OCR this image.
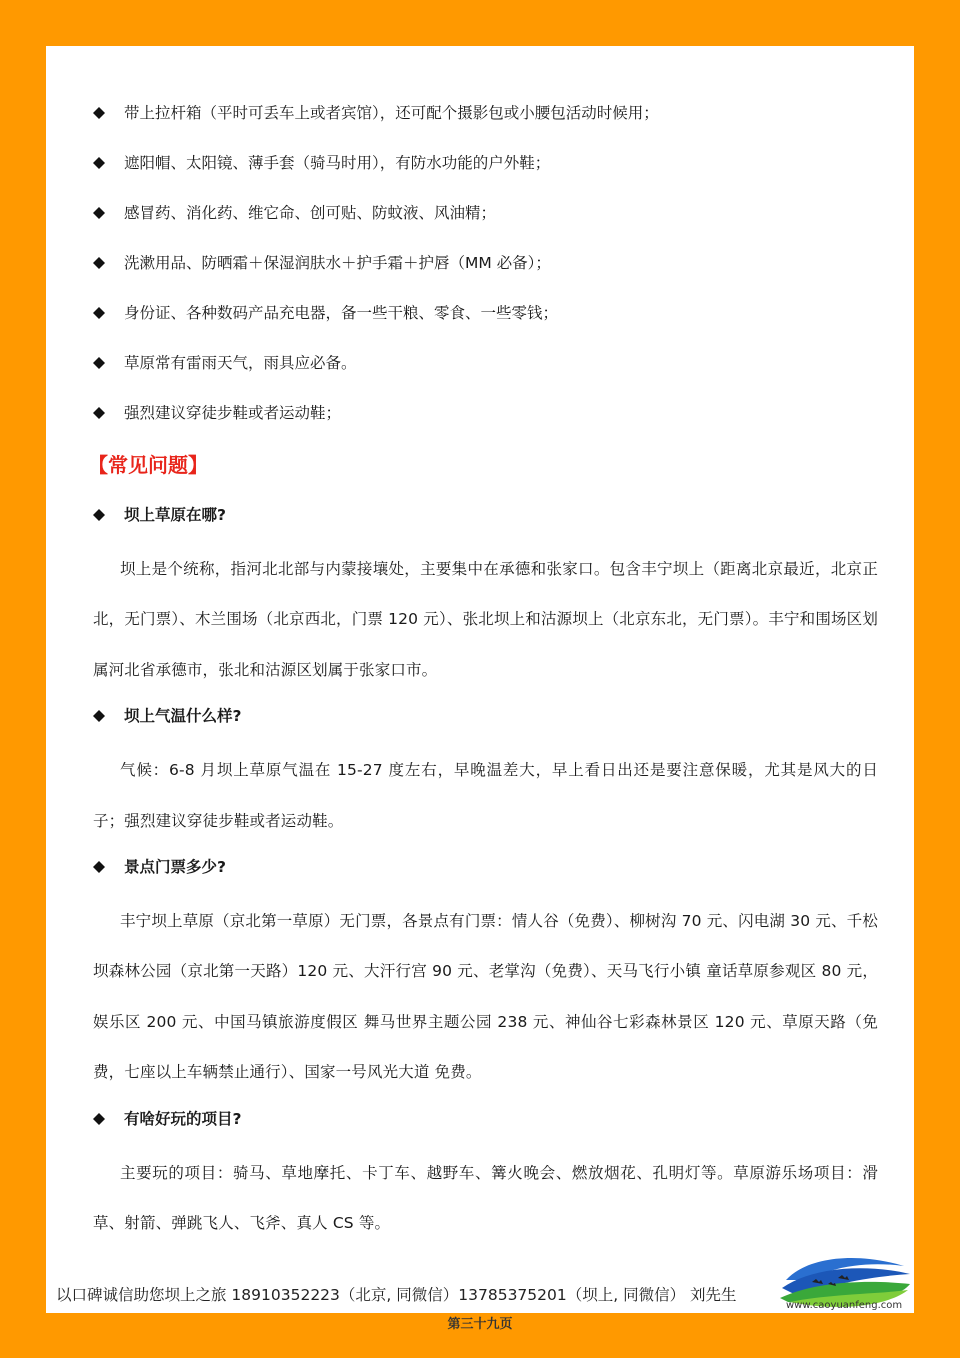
带上拉杆箱（平时可丢车上或者宾馆），还可配个摄影包或小腰包活动时候用；
遮阳帽、太阳镜、薄手套（骑马时用），有防水功能的户外鞋；
感冒药、消化药、维它命、创可贴、防蚊液、风油精；
洗漱用品、防晒霜＋保湿润肤水＋护手霜＋护唇（MM 必备）；
身份证、各种数码产品充电器，备一些干粮、零食、一些零钱；
草原常有雷雨天气，雨具应必备。
强烈建议穿徒步鞋或者运动鞋；
【常见问题】
坝上草原在哪?

坝上是个统称，指河北北部与内蒙接壤处，主要集中在承德和张家口。包含丰宁坝上（距离北京最近，北京正北，无门票）、木兰围场（北京西北，门票 120 元）、张北坝上和沽源坝上（北京东北，无门票）。丰宁和围场区划属河北省承德市，张北和沽源区划属于张家口市。

坝上气温什么样?

气候：6-8 月坝上草原气温在 15-27 度左右，早晚温差大，早上看日出还是要注意保暖，尤其是风大的日子；强烈建议穿徒步鞋或者运动鞋。

景点门票多少?

丰宁坝上草原（京北第一草原）无门票，各景点有门票：情人谷（免费）、柳树沟 70 元、闪电湖 30 元、千松坝森林公园（京北第一天路）120 元、大汗行宫 90 元、老掌沟（免费）、天马飞行小镇 童话草原参观区 80 元，娱乐区 200 元、中国马镇旅游度假区 舞马世界主题公园 238 元、神仙谷七彩森林景区 120 元、草原天路（免费，七座以上车辆禁止通行）、国家一号风光大道 免费。

有啥好玩的项目?

主要玩的项目：骑马、草地摩托、卡丁车、越野车、篝火晚会、燃放烟花、孔明灯等。草原游乐场项目：滑草、射箭、弹跳飞人、飞斧、真人 CS 等。

以口碑诚信助您坝上之旅 18910352223（北京, 同微信）13785375201（坝上, 同微信） 刘先生
www.caoyuanfeng.com
第三十九页
